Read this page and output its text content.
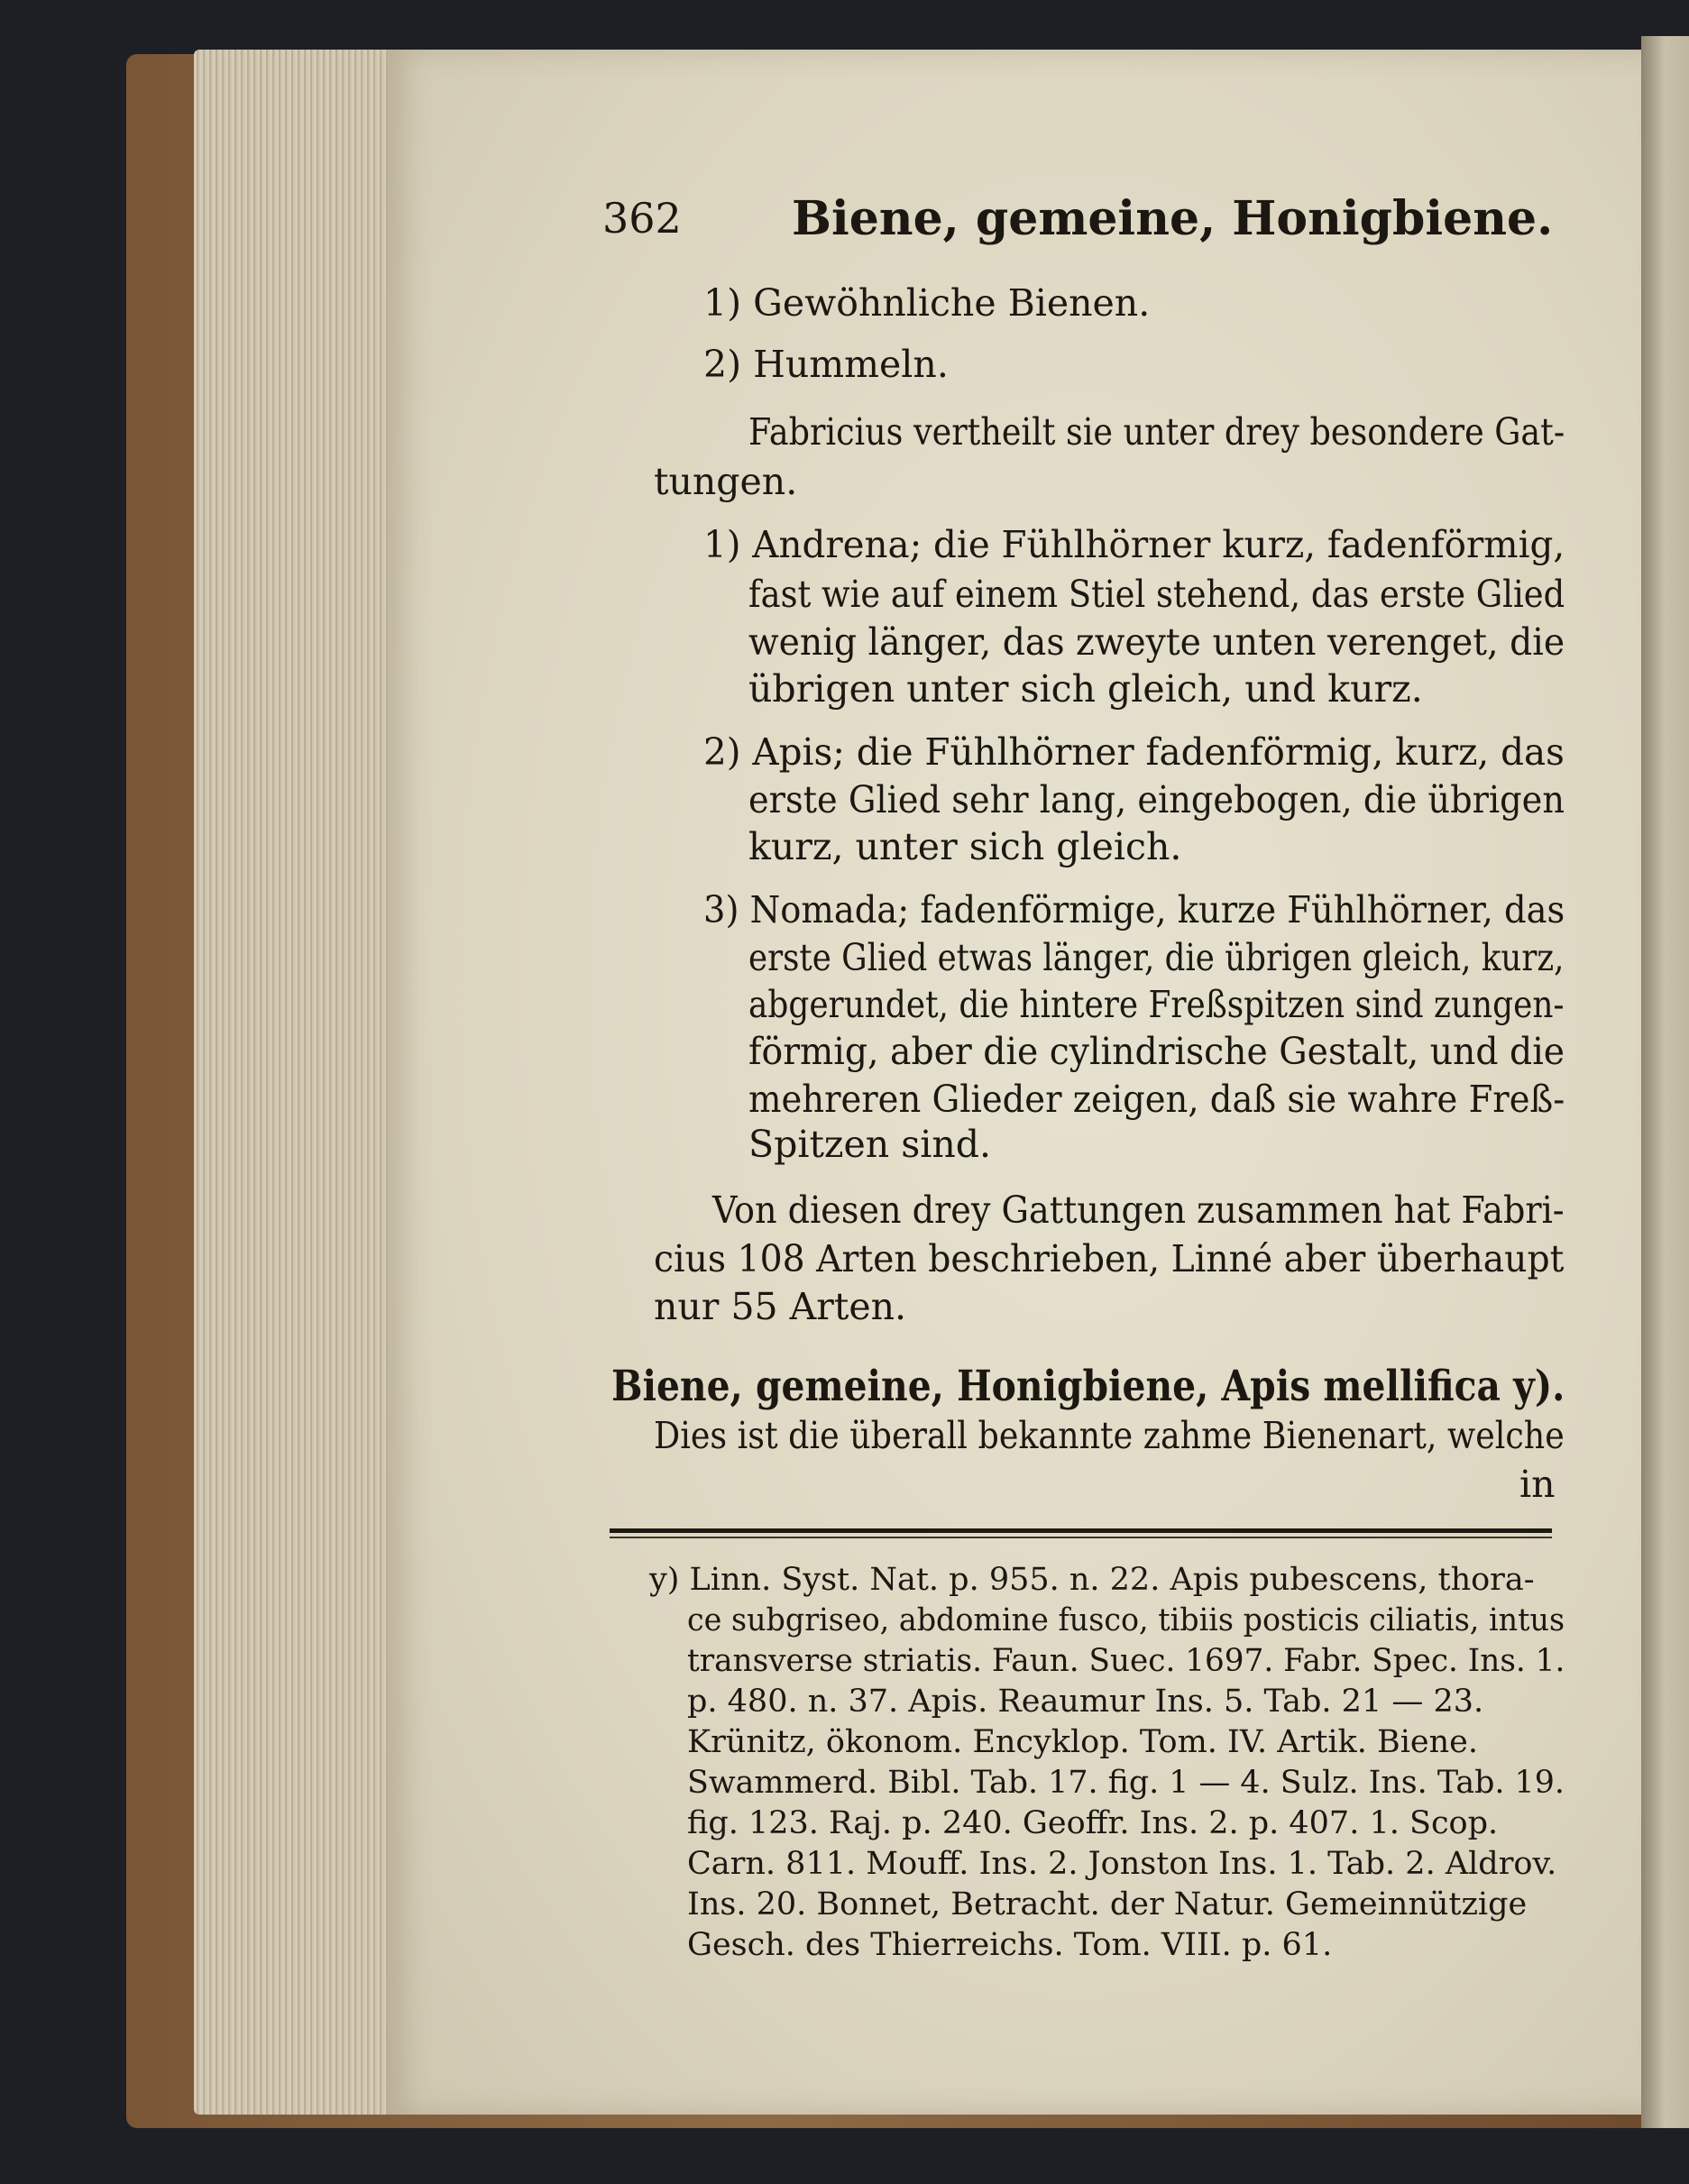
362 Biene, gemeine, Honigbiene.
1) Gewöhnliche Bienen.
2) Hummeln.
Fabricius vertheilt sie unter drey besondere Gat-
tungen.
1) Andrena; die Fühlhörner kurz, fadenförmig,
fast wie auf einem Stiel stehend, das erste Glied
wenig länger, das zweyte unten verenget, die
übrigen unter sich gleich, und kurz.
2) Apis; die Fühlhörner fadenförmig, kurz, das
erste Glied sehr lang, eingebogen, die übrigen
kurz, unter sich gleich.
3) Nomada; fadenförmige, kurze Fühlhörner, das
erste Glied etwas länger, die übrigen gleich, kurz,
abgerundet, die hintere Freßspitzen sind zungen-
förmig, aber die cylindrische Gestalt, und die
mehreren Glieder zeigen, daß sie wahre Freß-
Spitzen sind.
Von diesen drey Gattungen zusammen hat Fabri-
cius 108 Arten beschrieben, Linné aber überhaupt
nur 55 Arten.
Biene, gemeine, Honigbiene, Apis mellifica y).
Dies ist die überall bekannte zahme Bienenart, welche
in
y) Linn. Syst. Nat. p. 955. n. 22. Apis pubescens, thora-
ce subgriseo, abdomine fusco, tibiis posticis ciliatis, intus
transverse striatis. Faun. Suec. 1697. Fabr. Spec. Ins. 1.
p. 480. n. 37. Apis. Reaumur Ins. 5. Tab. 21 — 23.
Krünitz, ökonom. Encyklop. Tom. IV. Artik. Biene.
Swammerd. Bibl. Tab. 17. fig. 1 — 4. Sulz. Ins. Tab. 19.
fig. 123. Raj. p. 240. Geoffr. Ins. 2. p. 407. 1. Scop.
Carn. 811. Mouff. Ins. 2. Jonston Ins. 1. Tab. 2. Aldrov.
Ins. 20. Bonnet, Betracht. der Natur. Gemeinnützige
Gesch. des Thierreichs. Tom. VIII. p. 61.
